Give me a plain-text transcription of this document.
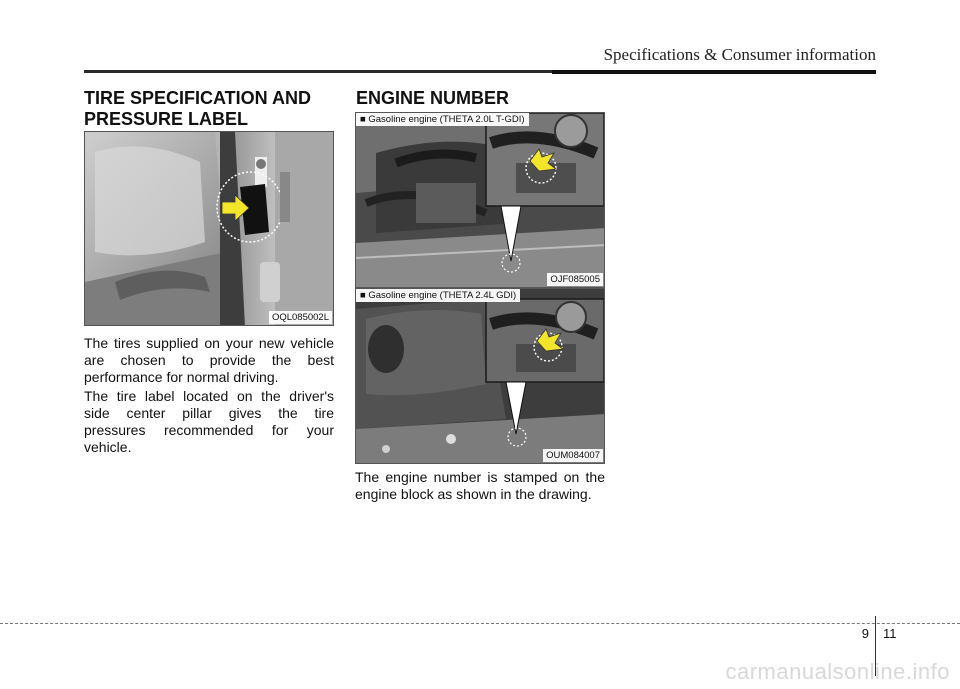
Specifications & Consumer information
TIRE SPECIFICATION AND
PRESSURE LABEL
OQL085002L
The tires supplied on your new vehicle are chosen to provide the best performance for normal driving.
The tire label located on the driver's side center pillar gives the tire pressures recommended for your vehicle.
ENGINE NUMBER
■ Gasoline engine (THETA 2.0L T-GDI)
OJF085005
■ Gasoline engine (THETA 2.4L GDI)
OUM084007
The engine number is stamped on the engine block as shown in the drawing.
9 11
carmanualsonline.info
